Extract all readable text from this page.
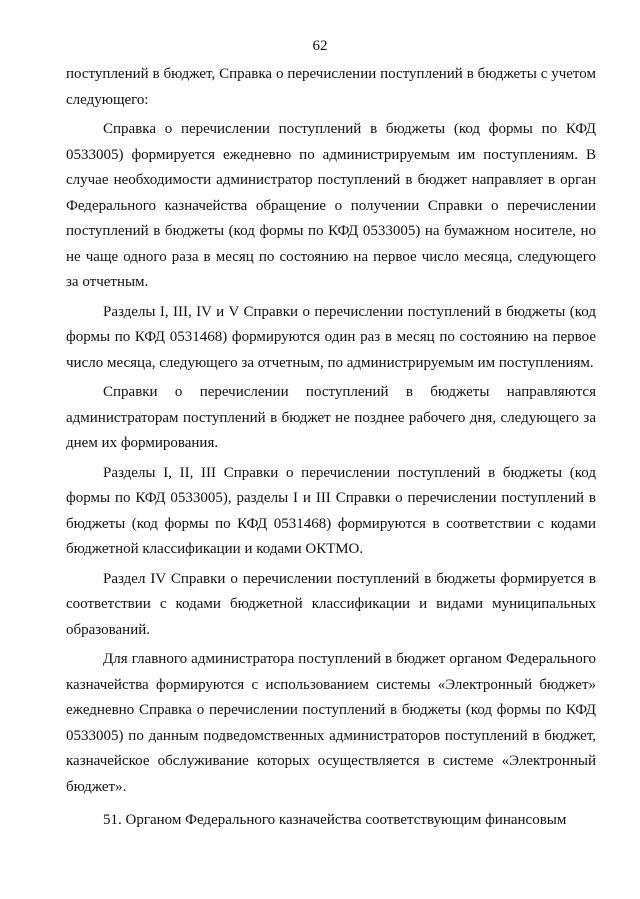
62

поступлений в бюджет, Справка о перечислении поступлений в бюджеты с учетом следующего:

Справка о перечислении поступлений в бюджеты (код формы по КФД 0533005) формируется ежедневно по администрируемым им поступлениям. В случае необходимости администратор поступлений в бюджет направляет в орган Федерального казначейства обращение о получении Справки о перечислении поступлений в бюджеты (код формы по КФД 0533005) на бумажном носителе, но не чаще одного раза в месяц по состоянию на первое число месяца, следующего за отчетным.

Разделы I, III, IV и V Справки о перечислении поступлений в бюджеты (код формы по КФД 0531468) формируются один раз в месяц по состоянию на первое число месяца, следующего за отчетным, по администрируемым им поступлениям.

Справки о перечислении поступлений в бюджеты направляются администраторам поступлений в бюджет не позднее рабочего дня, следующего за днем их формирования.

Разделы I, II, III Справки о перечислении поступлений в бюджеты (код формы по КФД 0533005), разделы I и III Справки о перечислении поступлений в бюджеты (код формы по КФД 0531468) формируются в соответствии с кодами бюджетной классификации и кодами ОКТМО.

Раздел IV Справки о перечислении поступлений в бюджеты формируется в соответствии с кодами бюджетной классификации и видами муниципальных образований.

Для главного администратора поступлений в бюджет органом Федерального казначейства формируются с использованием системы «Электронный бюджет» ежедневно Справка о перечислении поступлений в бюджеты (код формы по КФД 0533005) по данным подведомственных администраторов поступлений в бюджет, казначейское обслуживание которых осуществляется в системе «Электронный бюджет».

51. Органом Федерального казначейства соответствующим финансовым
